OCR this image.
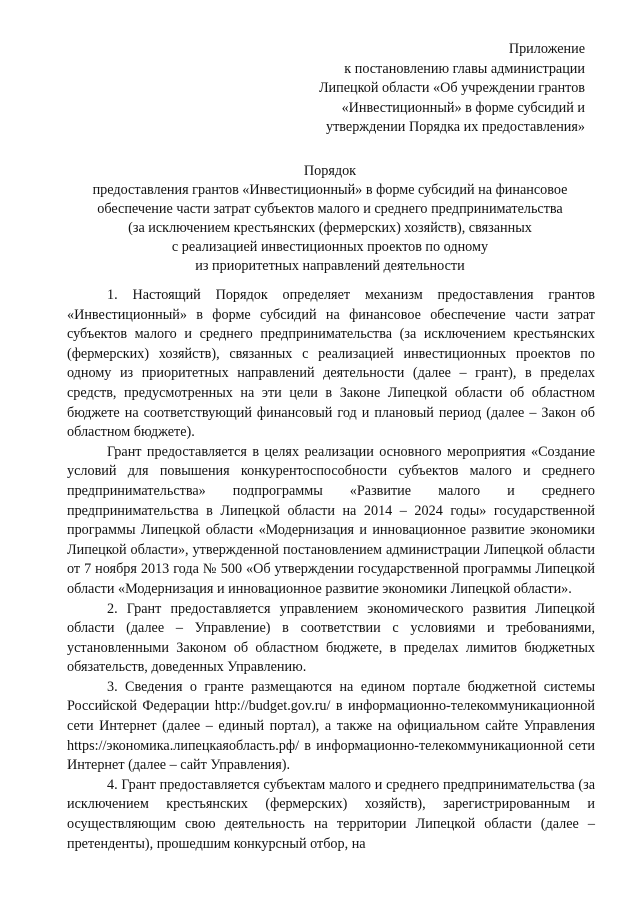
Приложение
к постановлению главы администрации
Липецкой области «Об учреждении грантов
«Инвестиционный» в форме субсидий и
утверждении Порядка их предоставления»
Порядок
предоставления грантов «Инвестиционный» в форме субсидий на финансовое
обеспечение части затрат субъектов малого и среднего предпринимательства
(за исключением крестьянских (фермерских) хозяйств), связанных
с реализацией инвестиционных проектов по одному
из приоритетных направлений деятельности

1. Настоящий Порядок определяет механизм предоставления грантов «Инвестиционный» в форме субсидий на финансовое обеспечение части затрат субъектов малого и среднего предпринимательства (за исключением крестьянских (фермерских) хозяйств), связанных с реализацией инвестиционных проектов по одному из приоритетных направлений деятельности (далее – грант), в пределах средств, предусмотренных на эти цели в Законе Липецкой области об областном бюджете на соответствующий финансовый год и плановый период (далее – Закон об областном бюджете).

Грант предоставляется в целях реализации основного мероприятия «Создание условий для повышения конкурентоспособности субъектов малого и среднего предпринимательства» подпрограммы «Развитие малого и среднего предпринимательства в Липецкой области на 2014 – 2024 годы» государственной программы Липецкой области «Модернизация и инновационное развитие экономики Липецкой области», утвержденной постановлением администрации Липецкой области от 7 ноября 2013 года № 500 «Об утверждении государственной программы Липецкой области «Модернизация и инновационное развитие экономики Липецкой области».

2. Грант предоставляется управлением экономического развития Липецкой области (далее – Управление) в соответствии с условиями и требованиями, установленными Законом об областном бюджете, в пределах лимитов бюджетных обязательств, доведенных Управлению.

3. Сведения о гранте размещаются на едином портале бюджетной системы Российской Федерации http://budget.gov.ru/ в информационно-телекоммуникационной сети Интернет (далее – единый портал), а также на официальном сайте Управления https://экономика.липецкаяобласть.рф/ в информационно-телекоммуникационной сети Интернет (далее – сайт Управления).

4. Грант предоставляется субъектам малого и среднего предпринимательства (за исключением крестьянских (фермерских) хозяйств), зарегистрированным и осуществляющим свою деятельность на территории Липецкой области (далее – претенденты), прошедшим конкурсный отбор, на
